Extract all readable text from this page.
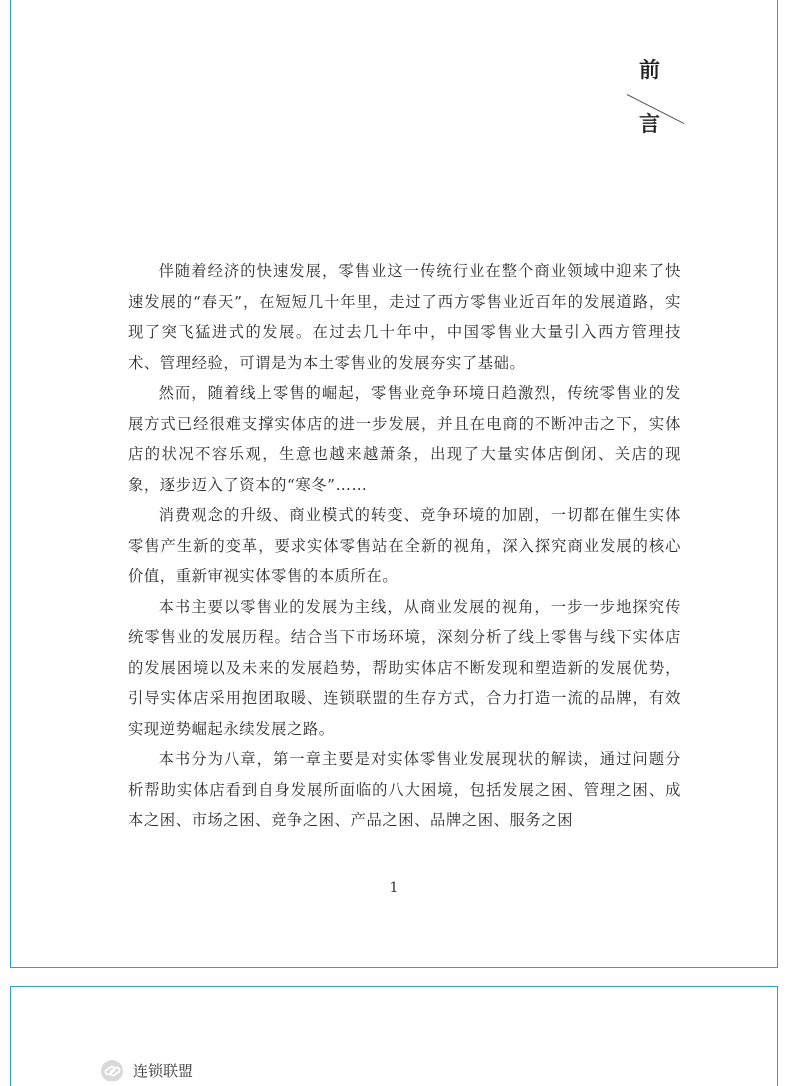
前
言

伴随着经济的快速发展，零售业这一传统行业在整个商业领域中迎来了快速发展的“春天”，在短短几十年里，走过了西方零售业近百年的发展道路，实现了突飞猛进式的发展。在过去几十年中，中国零售业大量引入西方管理技术、管理经验，可谓是为本土零售业的发展夯实了基础。

然而，随着线上零售的崛起，零售业竞争环境日趋激烈，传统零售业的发展方式已经很难支撑实体店的进一步发展，并且在电商的不断冲击之下，实体店的状况不容乐观，生意也越来越萧条，出现了大量实体店倒闭、关店的现象，逐步迈入了资本的“寒冬”……

消费观念的升级、商业模式的转变、竞争环境的加剧，一切都在催生实体零售产生新的变革，要求实体零售站在全新的视角，深入探究商业发展的核心价值，重新审视实体零售的本质所在。

本书主要以零售业的发展为主线，从商业发展的视角，一步一步地探究传统零售业的发展历程。结合当下市场环境，深刻分析了线上零售与线下实体店的发展困境以及未来的发展趋势，帮助实体店不断发现和塑造新的发展优势，引导实体店采用抱团取暖、连锁联盟的生存方式，合力打造一流的品牌，有效实现逆势崛起永续发展之路。

本书分为八章，第一章主要是对实体零售业发展现状的解读，通过问题分析帮助实体店看到自身发展所面临的八大困境，包括发展之困、管理之困、成本之困、市场之困、竞争之困、产品之困、品牌之困、服务之困

1
连锁联盟
